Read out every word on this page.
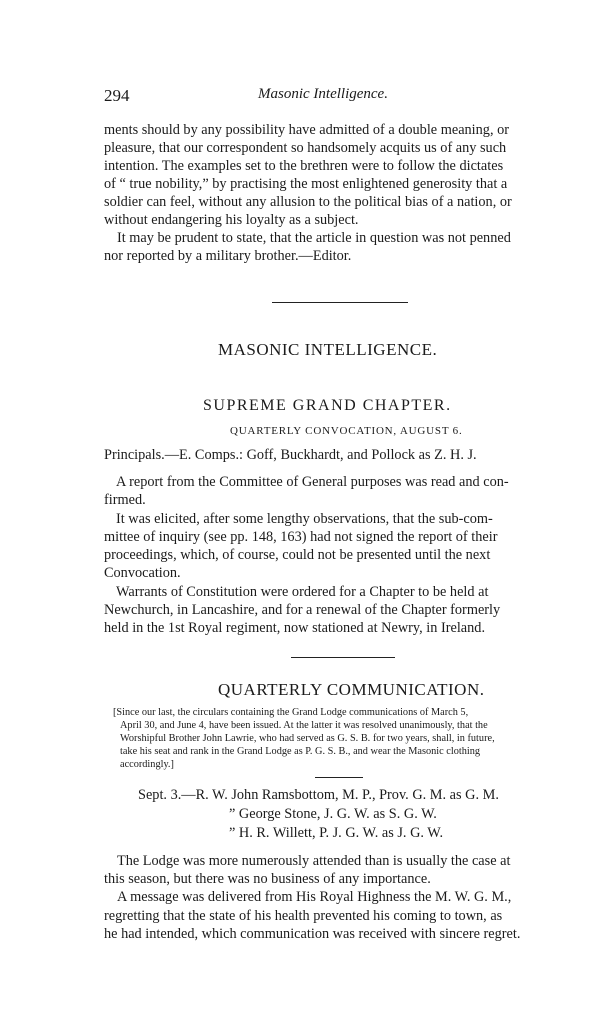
294	Masonic Intelligence.
ments should by any possibility have admitted of a double meaning, or
pleasure, that our correspondent so handsomely acquits us of any such
intention. The examples set to the brethren were to follow the dictates
of “ true nobility,” by practising the most enlightened generosity that a
soldier can feel, without any allusion to the political bias of a nation, or
without endangering his loyalty as a subject.
It may be prudent to state, that the article in question was not penned
nor reported by a military brother.—Editor.
MASONIC INTELLIGENCE.
SUPREME GRAND CHAPTER.
QUARTERLY CONVOCATION, AUGUST 6.
Principals.—E. Comps.: Goff, Buckhardt, and Pollock as Z. H. J.
A report from the Committee of General purposes was read and con-
firmed.
It was elicited, after some lengthy observations, that the sub-com-
mittee of inquiry (see pp. 148, 163) had not signed the report of their
proceedings, which, of course, could not be presented until the next
Convocation.
Warrants of Constitution were ordered for a Chapter to be held at
Newchurch, in Lancashire, and for a renewal of the Chapter formerly
held in the 1st Royal regiment, now stationed at Newry, in Ireland.
QUARTERLY COMMUNICATION.
[Since our last, the circulars containing the Grand Lodge communications of March 5,
April 30, and June 4, have been issued. At the latter it was resolved unanimously, that the
Worshipful Brother John Lawrie, who had served as G. S. B. for two years, shall, in future,
take his seat and rank in the Grand Lodge as P. G. S. B., and wear the Masonic clothing
accordingly.]
Sept. 3.—R. W. John Ramsbottom, M. P., Prov. G. M. as G. M.
” George Stone, J. G. W. as S. G. W.
” H. R. Willett, P. J. G. W. as J. G. W.
The Lodge was more numerously attended than is usually the case at
this season, but there was no business of any importance.
A message was delivered from His Royal Highness the M. W. G. M.,
regretting that the state of his health prevented his coming to town, as
he had intended, which communication was received with sincere regret.
